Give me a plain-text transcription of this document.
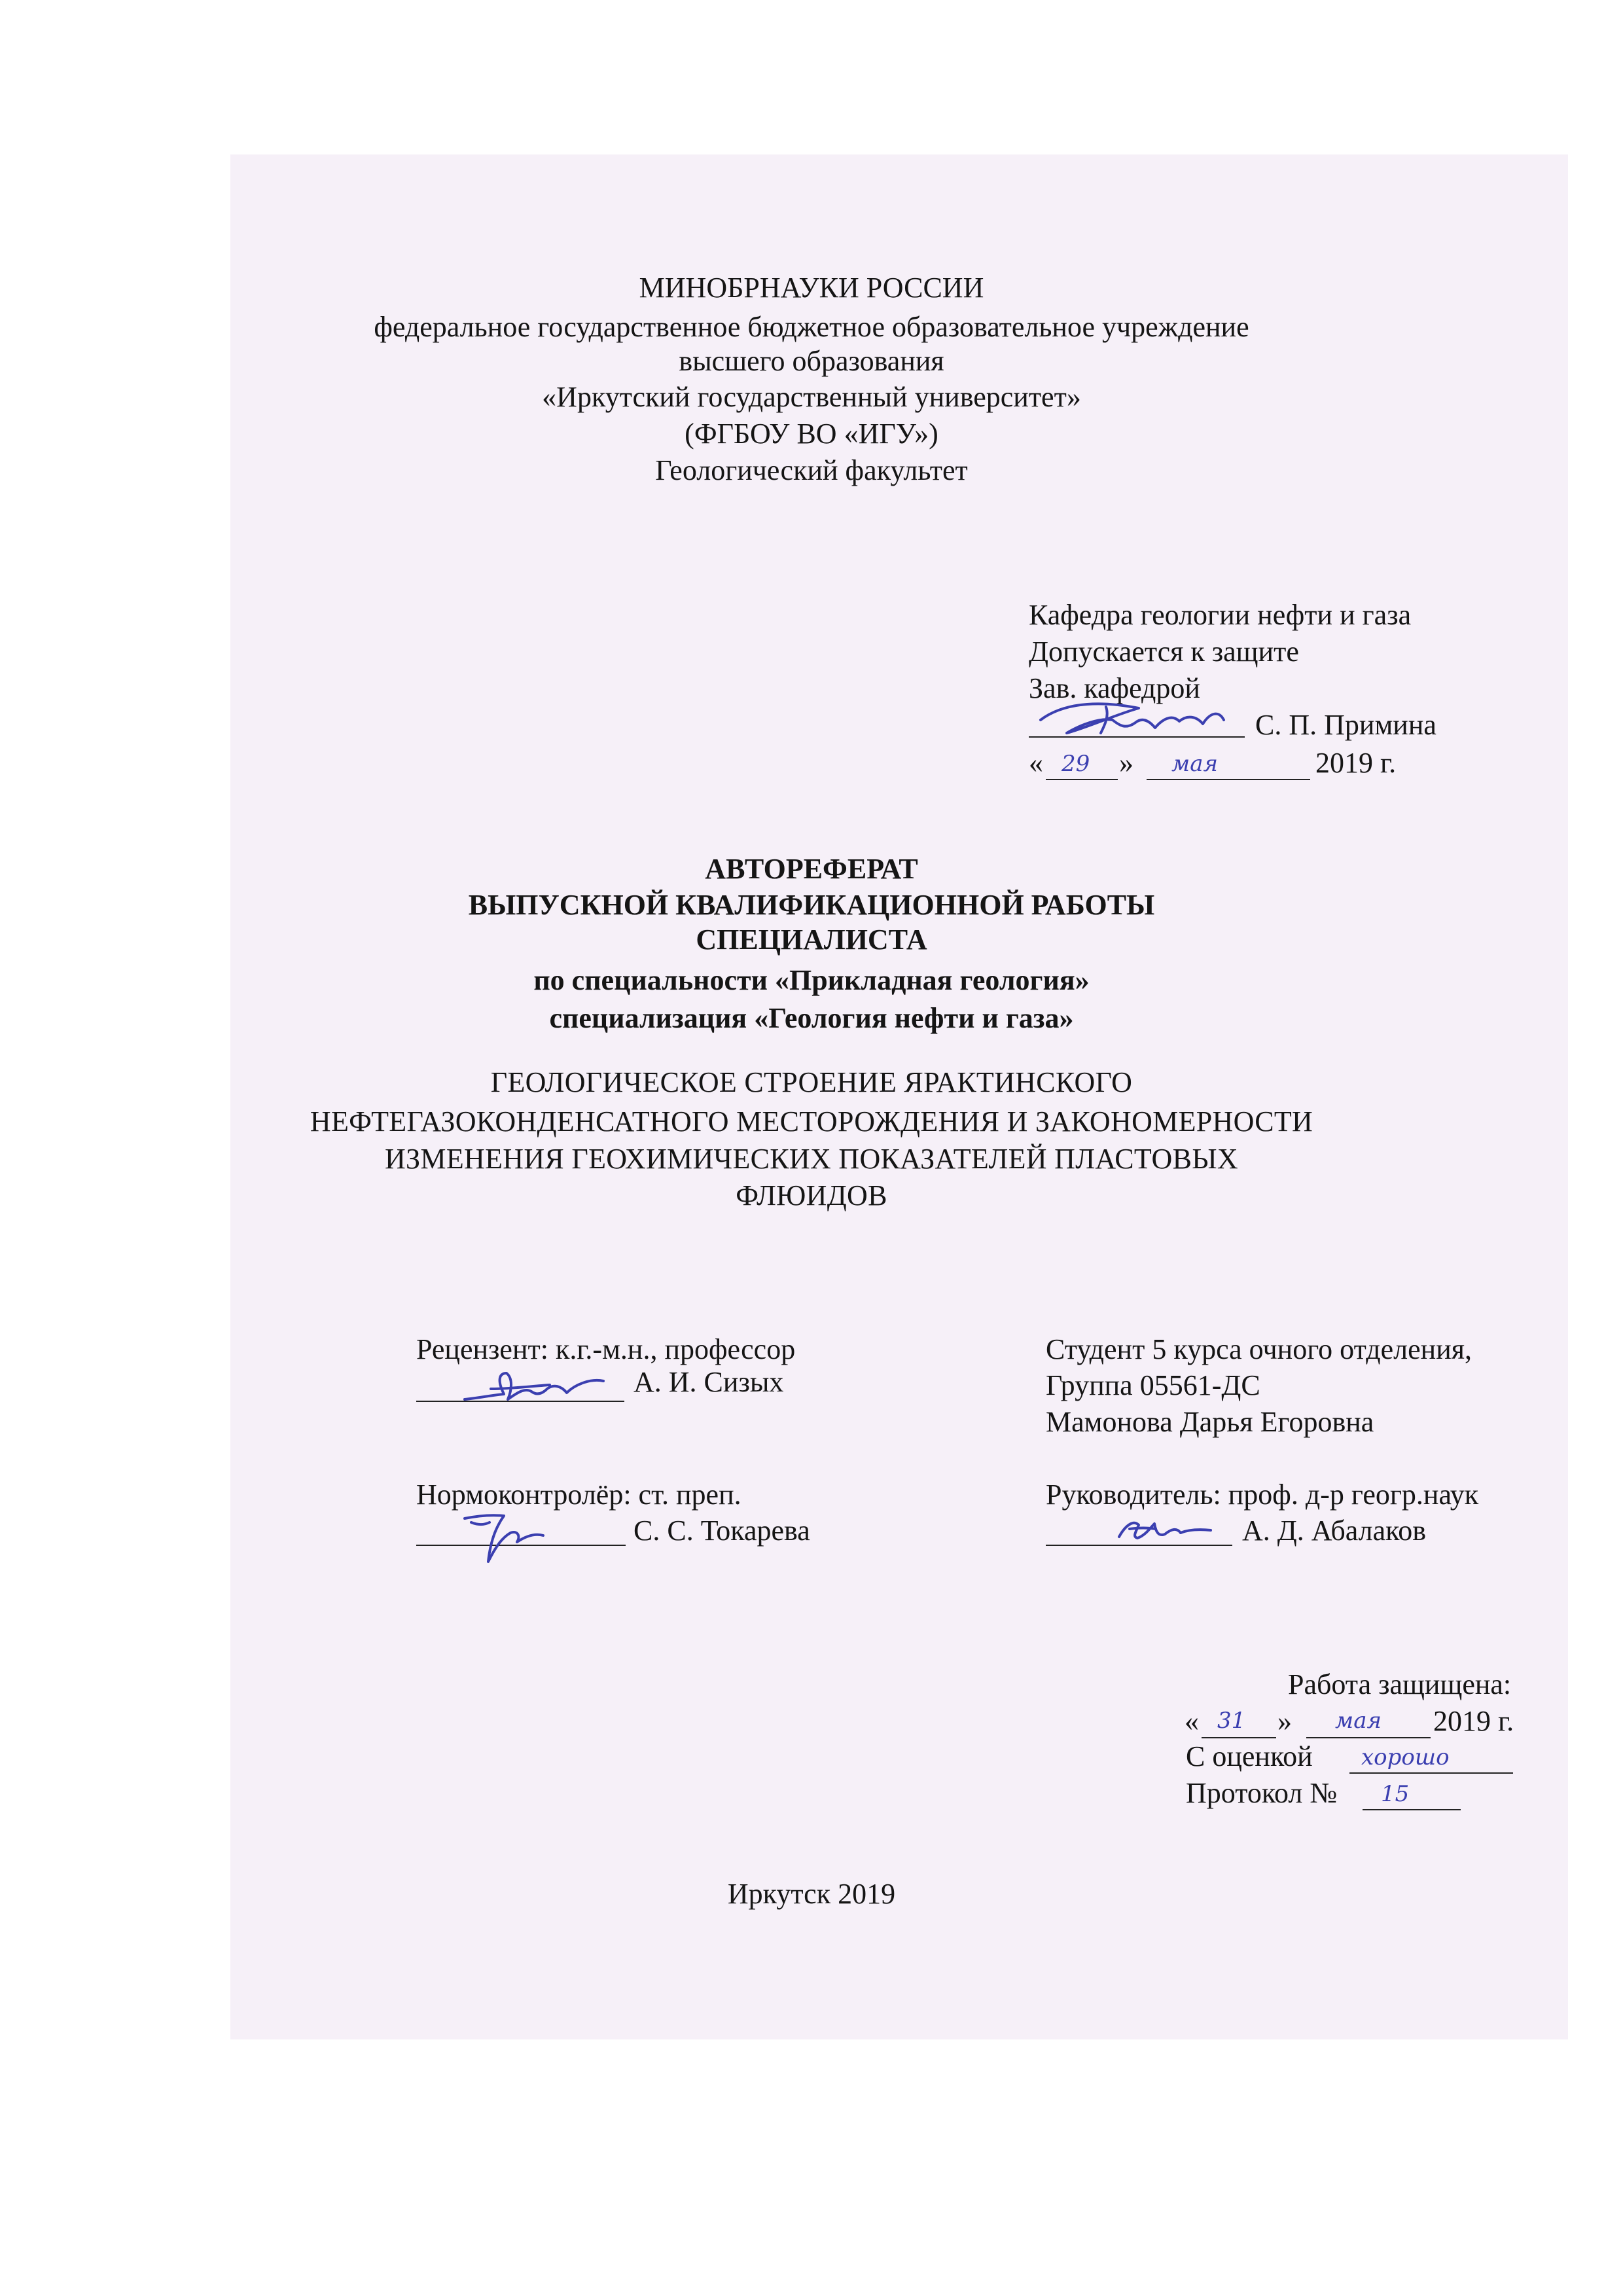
МИНОБРНАУКИ РОССИИ
федеральное государственное бюджетное образовательное учреждение
высшего образования
«Иркутский государственный университет»
(ФГБОУ ВО «ИГУ»)
Геологический факультет
Кафедра геологии нефти и газа
Допускается к защите
Зав. кафедрой
С. П. Примина
« 29 » мая	2019 г.
АВТОРЕФЕРАТ
ВЫПУСКНОЙ КВАЛИФИКАЦИОННОЙ РАБОТЫ
СПЕЦИАЛИСТА
по специальности «Прикладная геология»
специализация «Геология нефти и газа»
ГЕОЛОГИЧЕСКОЕ СТРОЕНИЕ ЯРАКТИНСКОГО
НЕФТЕГАЗОКОНДЕНСАТНОГО МЕСТОРОЖДЕНИЯ И ЗАКОНОМЕРНОСТИ
ИЗМЕНЕНИЯ ГЕОХИМИЧЕСКИХ ПОКАЗАТЕЛЕЙ ПЛАСТОВЫХ
ФЛЮИДОВ
Рецензент: к.г.-м.н., профессор
А. И. Сизых
Студент 5 курса очного отделения,
Группа 05561-ДС
Мамонова Дарья Егоровна
Нормоконтролёр: ст. преп.
С. С. Токарева
Руководитель: проф. д-р геогр.наук
А. Д. Абалаков
Работа защищена:
« 31 » мая 2019 г.
С оценкой хорошо
Протокол № 15
Иркутск 2019
